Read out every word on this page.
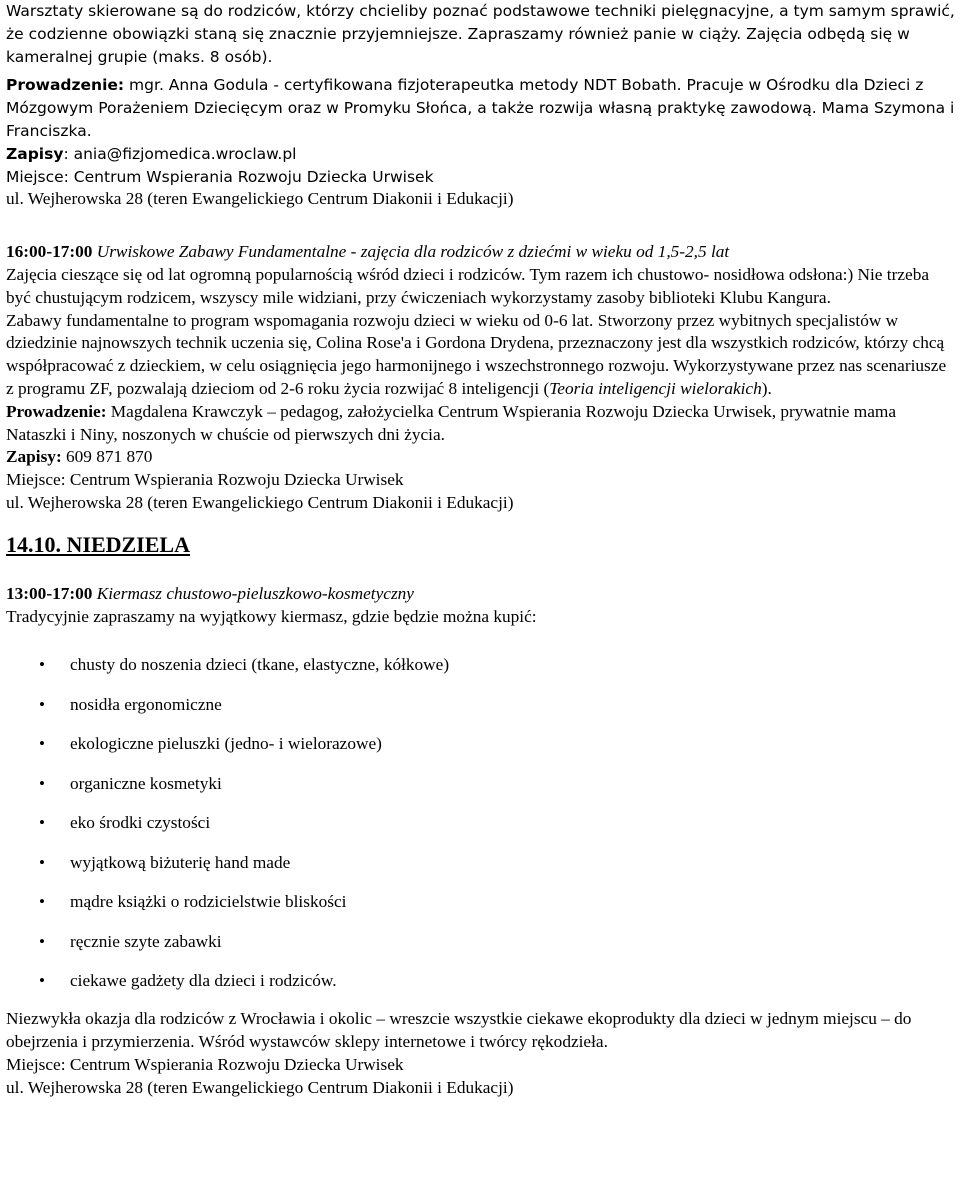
Warsztaty skierowane są do rodziców, którzy chcieliby poznać podstawowe techniki pielęgnacyjne, a tym samym sprawić, że codzienne obowiązki staną się znacznie przyjemniejsze. Zapraszamy również panie w ciąży. Zajęcia odbędą się w kameralnej grupie (maks. 8 osób).

Prowadzenie: mgr. Anna Godula - certyfikowana fizjoterapeutka metody NDT Bobath. Pracuje w Ośrodku dla Dzieci z Mózgowym Porażeniem Dziecięcym oraz w Promyku Słońca, a także rozwija własną praktykę zawodową. Mama Szymona i Franciszka.

Zapisy: ania@fizjomedica.wroclaw.pl

Miejsce: Centrum Wspierania Rozwoju Dziecka Urwisek

ul. Wejherowska 28 (teren Ewangelickiego Centrum Diakonii i Edukacji)

16:00-17:00 Urwiskowe Zabawy Fundamentalne - zajęcia dla rodziców z dziećmi w wieku od 1,5-2,5 lat

Zajęcia cieszące się od lat ogromną popularnością wśród dzieci i rodziców. Tym razem ich chustowo- nosidłowa odsłona:) Nie trzeba być chustującym rodzicem, wszyscy mile widziani, przy ćwiczeniach wykorzystamy zasoby biblioteki Klubu Kangura.

Zabawy fundamentalne to program wspomagania rozwoju dzieci w wieku od 0-6 lat. Stworzony przez wybitnych specjalistów w dziedzinie najnowszych technik uczenia się, Colina Rose'a i Gordona Drydena, przeznaczony jest dla wszystkich rodziców, którzy chcą współpracować z dzieckiem, w celu osiągnięcia jego harmonijnego i wszechstronnego rozwoju. Wykorzystywane przez nas scenariusze z programu ZF, pozwalają dzieciom od 2-6 roku życia rozwijać 8 inteligencji (Teoria inteligencji wielorakich).

Prowadzenie: Magdalena Krawczyk – pedagog, założycielka Centrum Wspierania Rozwoju Dziecka Urwisek, prywatnie mama Nataszki i Niny, noszonych w chuście od pierwszych dni życia.

Zapisy: 609 871 870

Miejsce: Centrum Wspierania Rozwoju Dziecka Urwisek

ul. Wejherowska 28 (teren Ewangelickiego Centrum Diakonii i Edukacji)

14.10. NIEDZIELA

13:00-17:00 Kiermasz chustowo-pieluszkowo-kosmetyczny

Tradycyjnie zapraszamy na wyjątkowy kiermasz, gdzie będzie można kupić:

• chusty do noszenia dzieci (tkane, elastyczne, kółkowe)
• nosidła ergonomiczne
• ekologiczne pieluszki (jedno- i wielorazowe)
• organiczne kosmetyki
• eko środki czystości
• wyjątkową biżuterię hand made
• mądre książki o rodzicielstwie bliskości
• ręcznie szyte zabawki
• ciekawe gadżety dla dzieci i rodziców.

Niezwykła okazja dla rodziców z Wrocławia i okolic – wreszcie wszystkie ciekawe ekoprodukty dla dzieci w jednym miejscu – do obejrzenia i przymierzenia. Wśród wystawców sklepy internetowe i twórcy rękodzieła.

Miejsce: Centrum Wspierania Rozwoju Dziecka Urwisek

ul. Wejherowska 28 (teren Ewangelickiego Centrum Diakonii i Edukacji)
